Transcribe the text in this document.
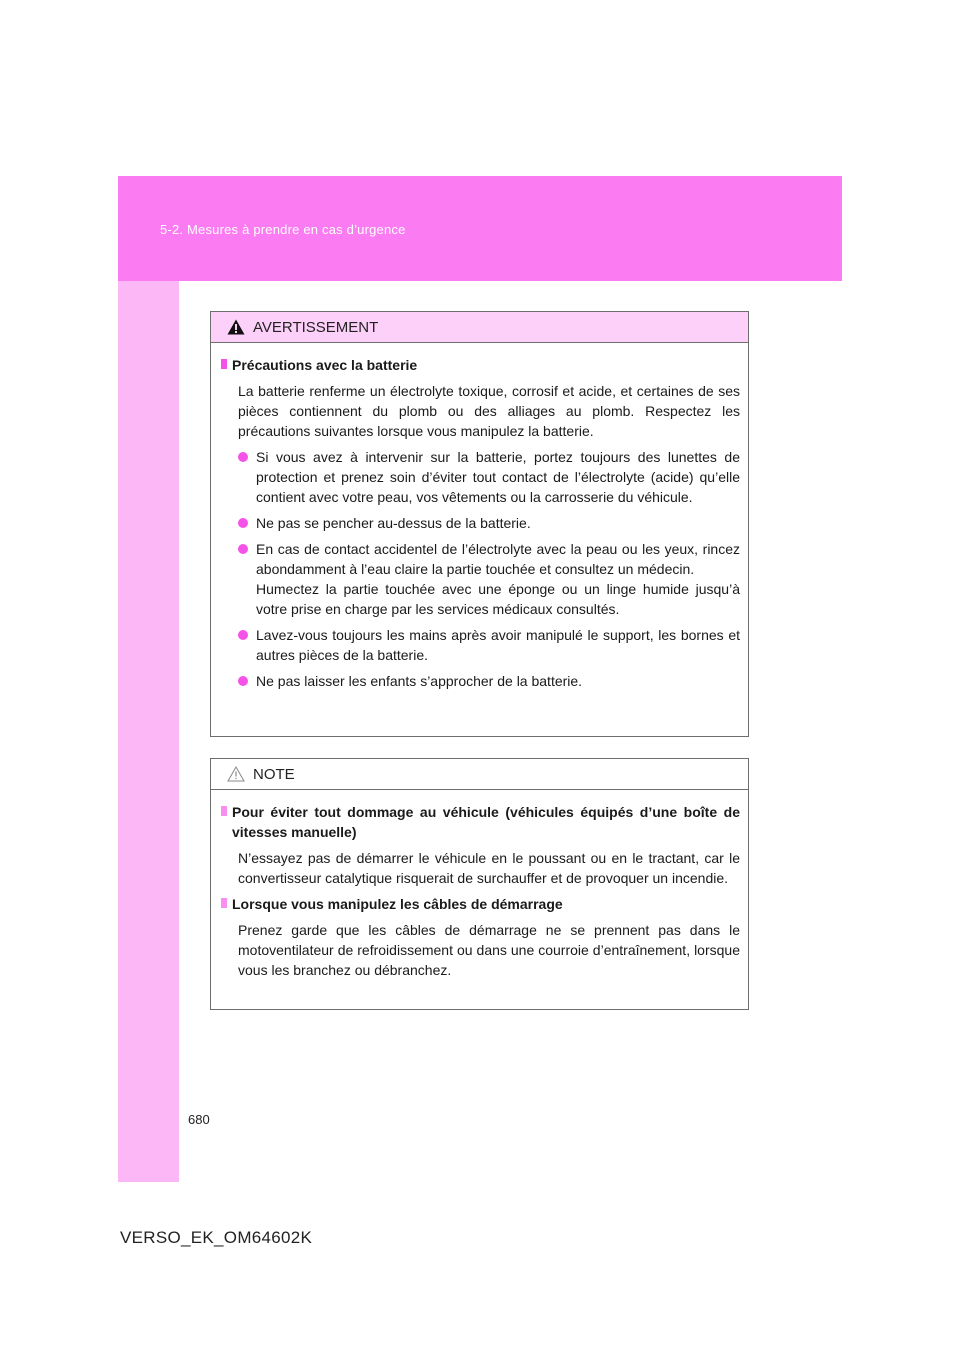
5-2. Mesures à prendre en cas d’urgence
AVERTISSEMENT
Précautions avec la batterie
La batterie renferme un électrolyte toxique, corrosif et acide, et certaines de ses pièces contiennent du plomb ou des alliages au plomb. Respectez les précautions suivantes lorsque vous manipulez la batterie.
Si vous avez à intervenir sur la batterie, portez toujours des lunettes de protection et prenez soin d’éviter tout contact de l’électrolyte (acide) qu’elle contient avec votre peau, vos vêtements ou la carrosserie du véhicule.
Ne pas se pencher au-dessus de la batterie.
En cas de contact accidentel de l’électrolyte avec la peau ou les yeux, rincez abondamment à l’eau claire la partie touchée et consultez un médecin.
Humectez la partie touchée avec une éponge ou un linge humide jusqu’à votre prise en charge par les services médicaux consultés.
Lavez-vous toujours les mains après avoir manipulé le support, les bornes et autres pièces de la batterie.
Ne pas laisser les enfants s’approcher de la batterie.
NOTE
Pour éviter tout dommage au véhicule (véhicules équipés d’une boîte de vitesses manuelle)
N’essayez pas de démarrer le véhicule en le poussant ou en le tractant, car le convertisseur catalytique risquerait de surchauffer et de provoquer un incendie.
Lorsque vous manipulez les câbles de démarrage
Prenez garde que les câbles de démarrage ne se prennent pas dans le motoventilateur de refroidissement ou dans une courroie d’entraînement, lorsque vous les branchez ou débranchez.
680
VERSO_EK_OM64602K
